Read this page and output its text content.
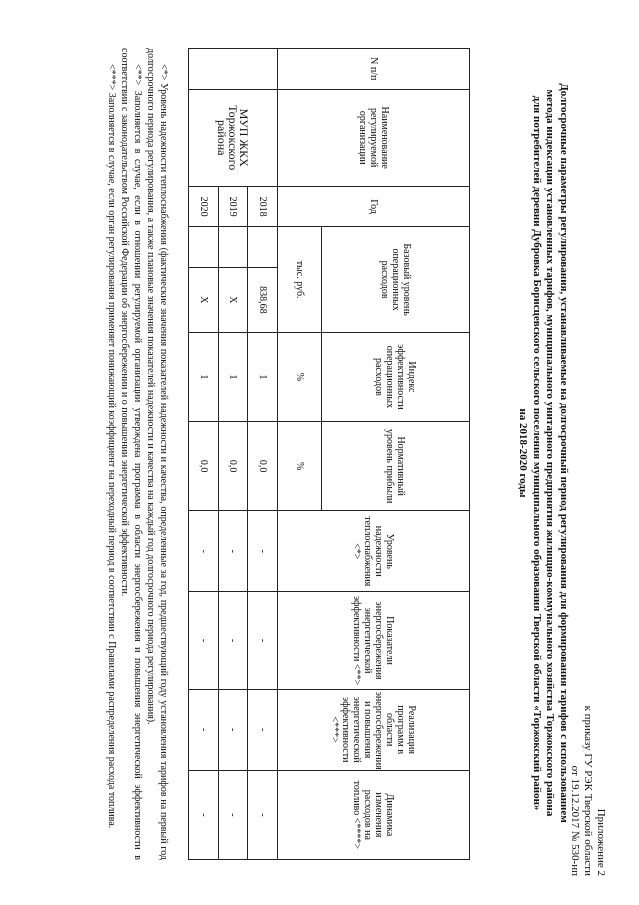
Приложение 2
к приказу ГУ РЭК Тверской области
от 19.12.2017 № 530-нп
Долгосрочные параметры регулирования, устанавливаемые на долгосрочный период регулирования для формирования тарифов с использованием
метода индексации установленных тарифов, муниципального унитарного предприятия жилищно-коммунального хозяйства Торжокского района
для потребителей деревни Дубровка Борисцевского сельского поселения муниципального образования Тверской области «Торжокский район»
на 2018-2020 годы
N п/п	Наименование регулируемой организации	Год	Базовый уровень операционных расходов		Индекс эффективности операционных расходов	Нормативный уровень прибыли	Уровень надежности теплоснабжения <*>	Показатели энергосбережения энергетической эффективности <**>	Реализация программ в области энергосбережения и повышения энергетической эффективности <***>	Динамика изменения расходов на топливо <****>
			тыс. руб.		%	%				
	МУП ЖКХ Торжокского района	2018		838,68	1	0,0	-	-	-	-
		2019		Х	1	0,0	-	-	-	-
		2020		Х	1	0,0	-	-	-	-

<*> Уровень надежности теплоснабжения (фактические значения показателей надежности и качества, определенные за год, предшествующий году установления тарифов на первый год долгосрочного периода регулирования, а также плановые значения показателей надежности и качества на каждый год долгосрочного периода регулирования).

<**> Заполняется в случае, если в отношении регулируемой организации утверждена программа в области энергосбережения и повышения энергетической эффективности в соответствии с законодательством Российской Федерации об энергосбережении и о повышении энергетической эффективности.

<***> Заполняется в случае, если орган регулирования применяет понижающий коэффициент на переходный период в соответствии с Правилами распределения расхода топлива.
